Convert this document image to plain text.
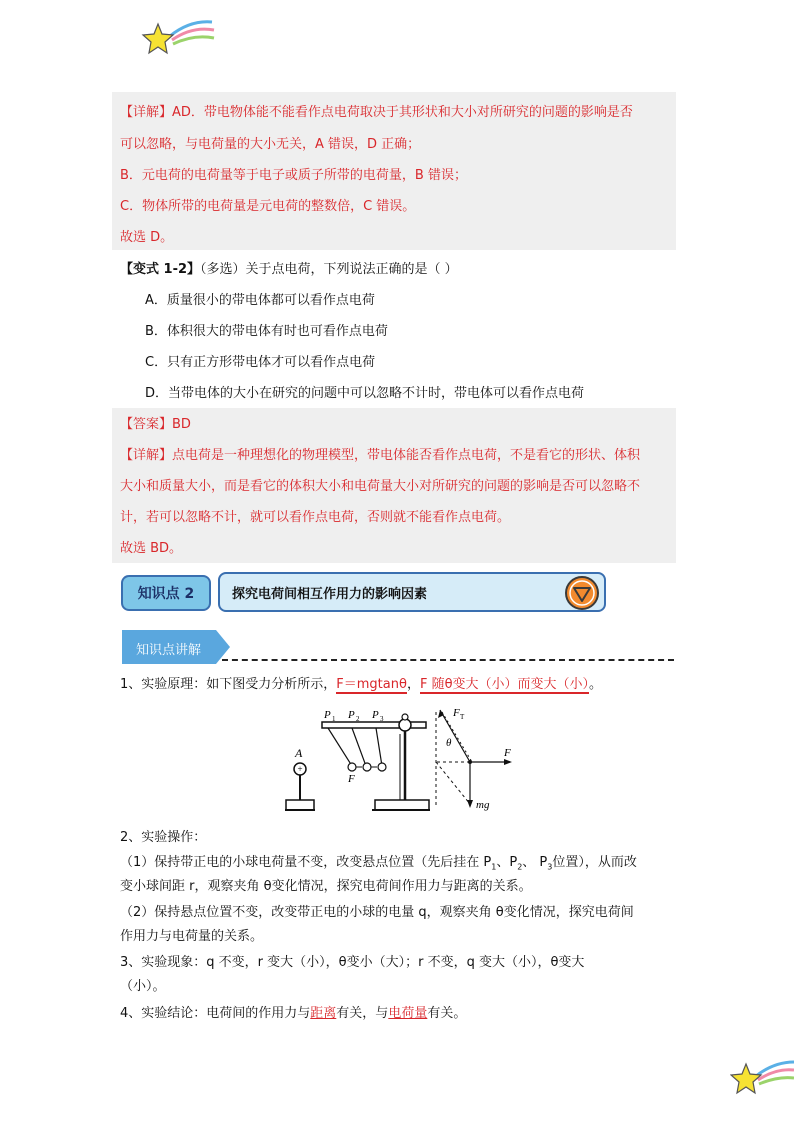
【详解】AD．带电物体能不能看作点电荷取决于其形状和大小对所研究的问题的影响是否
可以忽略，与电荷量的大小无关，A 错误，D 正确；
B．元电荷的电荷量等于电子或质子所带的电荷量，B 错误；
C．物体所带的电荷量是元电荷的整数倍，C 错误。
故选 D。
【变式 1-2】（多选）关于点电荷，下列说法正确的是（ ）
A．质量很小的带电体都可以看作点电荷
B．体积很大的带电体有时也可看作点电荷
C．只有正方形带电体才可以看作点电荷
D．当带电体的大小在研究的问题中可以忽略不计时，带电体可以看作点电荷
【答案】BD
【详解】点电荷是一种理想化的物理模型，带电体能否看作点电荷，不是看它的形状、体积
大小和质量大小，而是看它的体积大小和电荷量大小对所研究的问题的影响是否可以忽略不
计，若可以忽略不计，就可以看作点电荷，否则就不能看作点电荷。
故选 BD。
知识点 2	探究电荷间相互作用力的影响因素
知识点讲解
1、实验原理：如下图受力分析所示，F＝mgtanθ，F 随θ变大（小）而变大（小）。
+
A
P 1 P 2 P 3
F
F T
θ
F
mg
2、实验操作：
（1）保持带正电的小球电荷量不变，改变悬点位置（先后挂在 $P_1$、$P_2$、 $P_3$位置），从而改
变小球间距 r，观察夹角 θ变化情况，探究电荷间作用力与距离的关系。
（2）保持悬点位置不变，改变带正电的小球的电量 q，观察夹角 θ变化情况，探究电荷间
作用力与电荷量的关系。
3、实验现象：q 不变，r 变大（小），θ变小（大）；r 不变，q 变大（小），θ变大
（小）。
4、实验结论：电荷间的作用力与距离有关，与电荷量有关。
